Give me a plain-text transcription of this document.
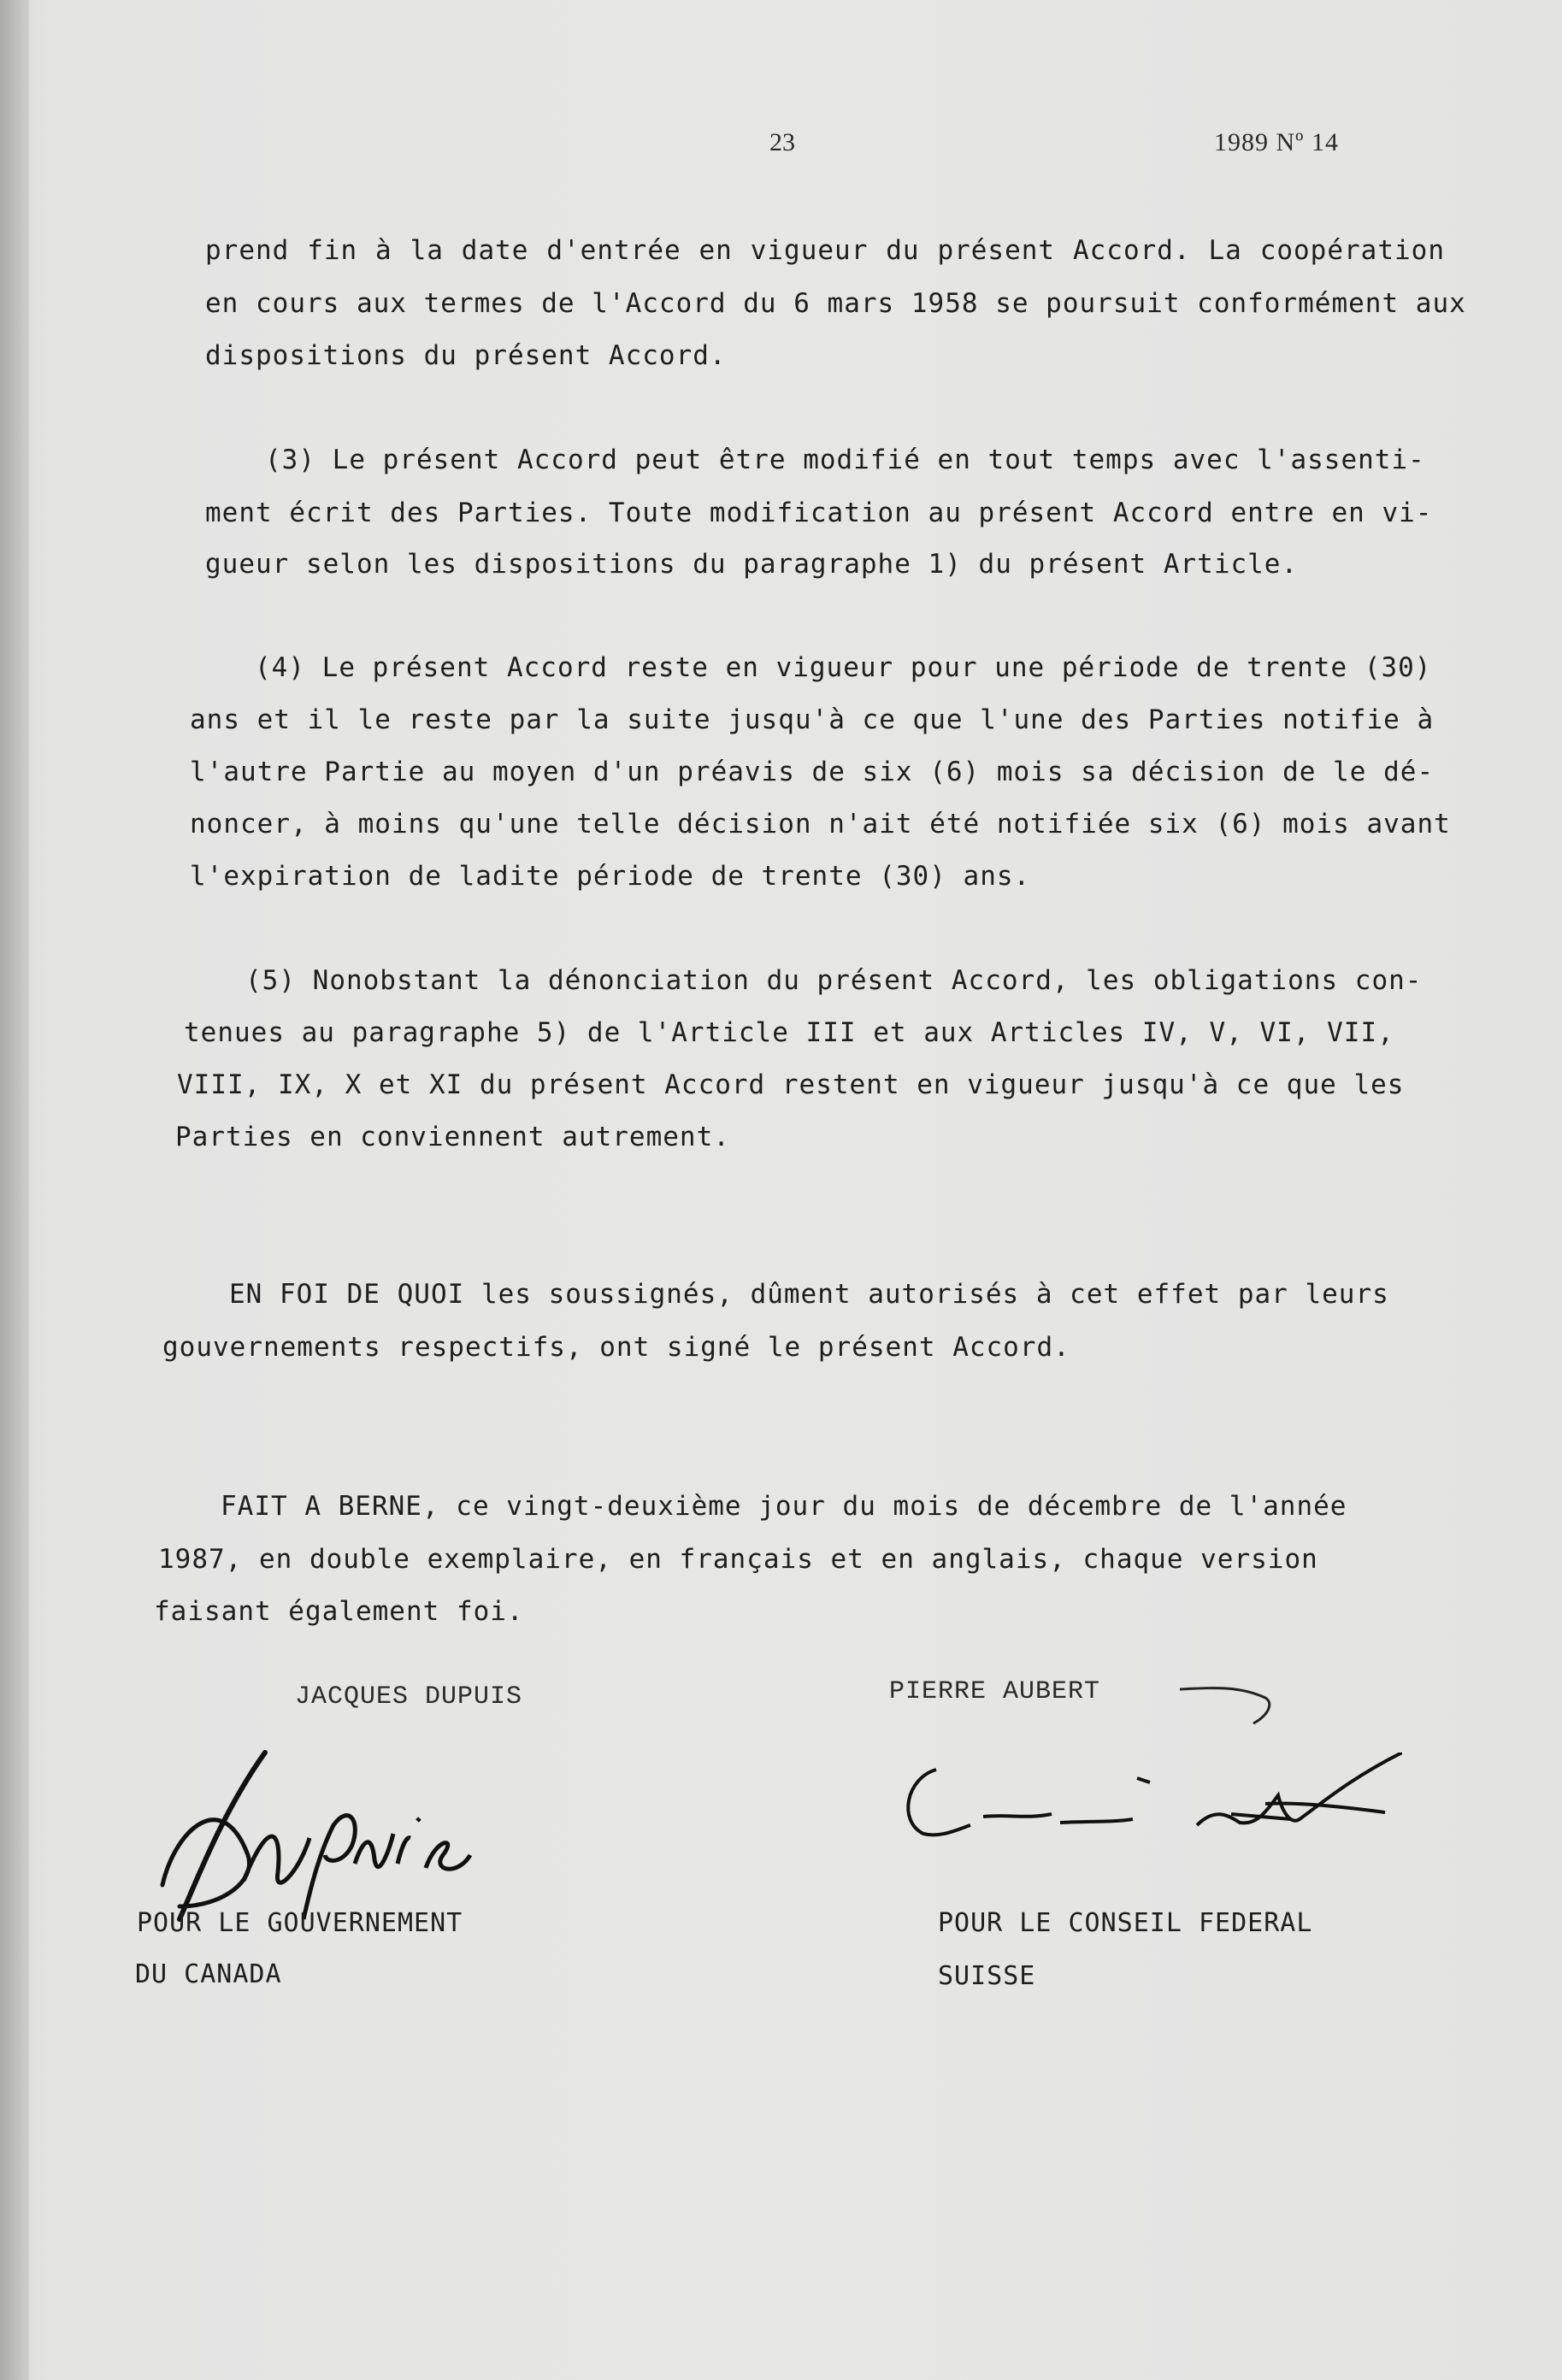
23	1989 Nº 14
prend fin à la date d'entrée en vigueur du présent Accord. La coopération
en cours aux termes de l'Accord du 6 mars 1958 se poursuit conformément aux
dispositions du présent Accord.
(3) Le présent Accord peut être modifié en tout temps avec l'assenti-
ment écrit des Parties. Toute modification au présent Accord entre en vi-
gueur selon les dispositions du paragraphe 1) du présent Article.
(4) Le présent Accord reste en vigueur pour une période de trente (30)
ans et il le reste par la suite jusqu'à ce que l'une des Parties notifie à
l'autre Partie au moyen d'un préavis de six (6) mois sa décision de le dé-
noncer, à moins qu'une telle décision n'ait été notifiée six (6) mois avant
l'expiration de ladite période de trente (30) ans.
(5) Nonobstant la dénonciation du présent Accord, les obligations con-
tenues au paragraphe 5) de l'Article III et aux Articles IV, V, VI, VII,
VIII, IX, X et XI du présent Accord restent en vigueur jusqu'à ce que les
Parties en conviennent autrement.
EN FOI DE QUOI les soussignés, dûment autorisés à cet effet par leurs
gouvernements respectifs, ont signé le présent Accord.
FAIT A BERNE, ce vingt-deuxième jour du mois de décembre de l'année
1987, en double exemplaire, en français et en anglais, chaque version
faisant également foi.
JACQUES DUPUIS	PIERRE AUBERT
POUR LE GOUVERNEMENT
DU CANADA
POUR LE CONSEIL FEDERAL
SUISSE
